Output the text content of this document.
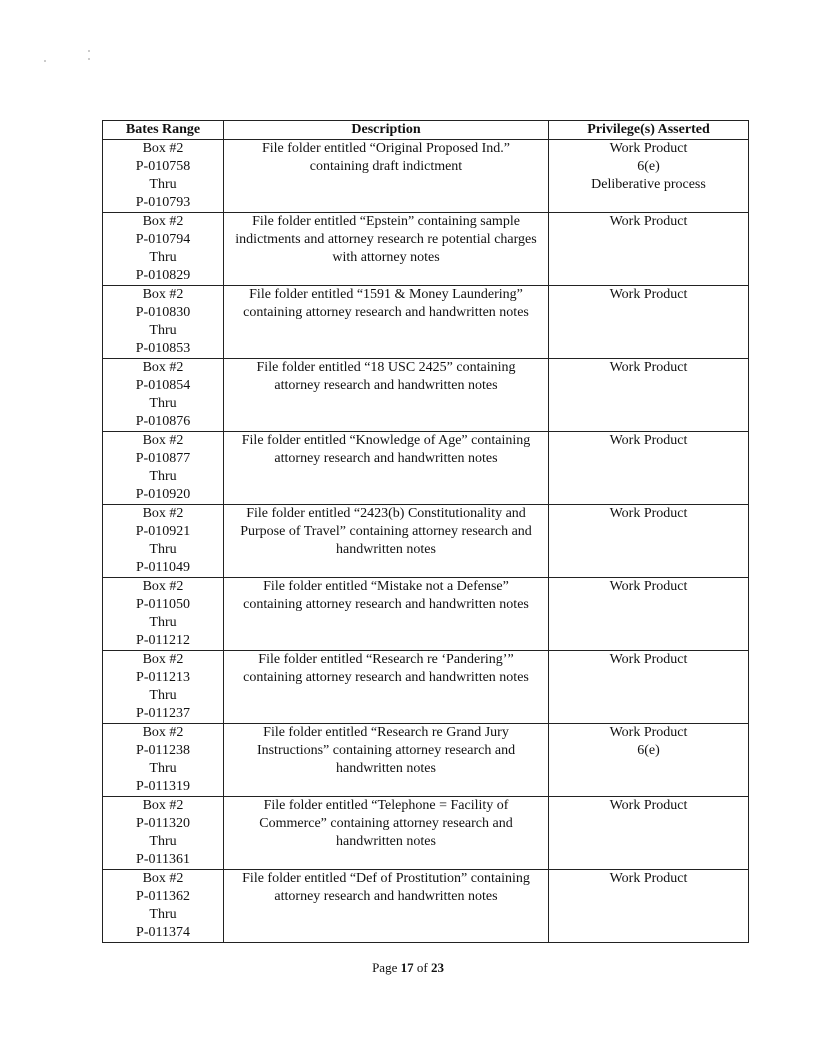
Bates Range	Description	Privilege(s) Asserted

Box #2
P-010758
Thru
P-010793	File folder entitled “Original Proposed Ind.” containing draft indictment	Work Product
6(e)
Deliberative process

Box #2
P-010794
Thru
P-010829	File folder entitled “Epstein” containing sample indictments and attorney research re potential charges with attorney notes	Work Product

Box #2
P-010830
Thru
P-010853	File folder entitled “1591 & Money Laundering” containing attorney research and handwritten notes	Work Product

Box #2
P-010854
Thru
P-010876	File folder entitled “18 USC 2425” containing attorney research and handwritten notes	Work Product

Box #2
P-010877
Thru
P-010920	File folder entitled “Knowledge of Age” containing attorney research and handwritten notes	Work Product

Box #2
P-010921
Thru
P-011049	File folder entitled “2423(b) Constitutionality and Purpose of Travel” containing attorney research and handwritten notes	Work Product

Box #2
P-011050
Thru
P-011212	File folder entitled “Mistake not a Defense” containing attorney research and handwritten notes	Work Product

Box #2
P-011213
Thru
P-011237	File folder entitled “Research re ‘Pandering’” containing attorney research and handwritten notes	Work Product

Box #2
P-011238
Thru
P-011319	File folder entitled “Research re Grand Jury Instructions” containing attorney research and handwritten notes	Work Product
6(e)

Box #2
P-011320
Thru
P-011361	File folder entitled “Telephone = Facility of Commerce” containing attorney research and handwritten notes	Work Product

Box #2
P-011362
Thru
P-011374	File folder entitled “Def of Prostitution” containing attorney research and handwritten notes	Work Product
Page 17 of 23
